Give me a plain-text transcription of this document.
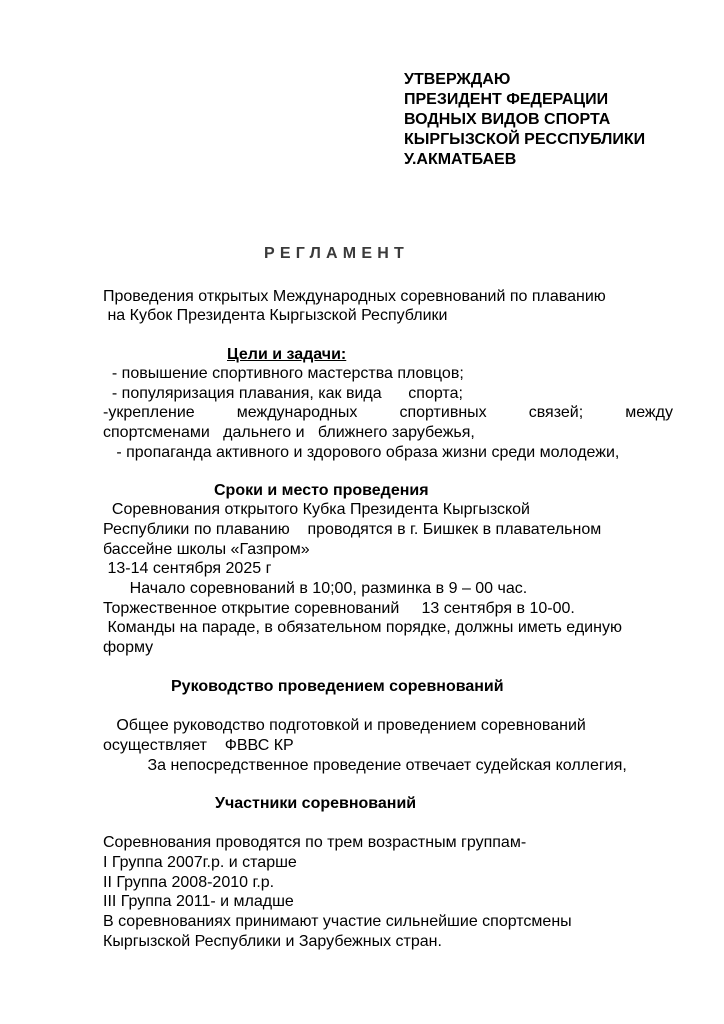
УТВЕРЖДАЮ
ПРЕЗИДЕНТ ФЕДЕРАЦИИ
ВОДНЫХ ВИДОВ СПОРТА
КЫРГЫЗСКОЙ РЕССПУБЛИКИ
У.АКМАТБАЕВ
РЕГЛАМЕНТ
Проведения открытых Международных соревнований по плаванию
на Кубок Президента Кыргызской Республики
Цели и задачи:
- повышение спортивного мастерства пловцов;
- популяризация плавания, как вида      спорта;
-укрепление	международных	спортивных	связей;	между
спортсменами   дальнего и   ближнего зарубежья,
- пропаганда активного и здорового образа жизни среди молодежи,
Сроки и место проведения
Соревнования открытого Кубка Президента Кыргызской
Республики по плаванию    проводятся в г. Бишкек в плавательном
бассейне школы «Газпром»
13-14 сентября 2025 г
Начало соревнований в 10;00, разминка в 9 – 00 час.
Торжественное открытие соревнований     13 сентября в 10-00.
Команды на параде, в обязательном порядке, должны иметь единую
форму
Руководство проведением соревнований
Общее руководство подготовкой и проведением соревнований
осуществляет    ФВВС КР
За непосредственное проведение отвечает судейская коллегия,
Участники соревнований
Соревнования проводятся по трем возрастным группам-
I Группа 2007г.р. и старше
II Группа 2008-2010 г.р.
III Группа 2011- и младше
В соревнованиях принимают участие сильнейшие спортсмены
Кыргызской Республики и Зарубежных стран.
